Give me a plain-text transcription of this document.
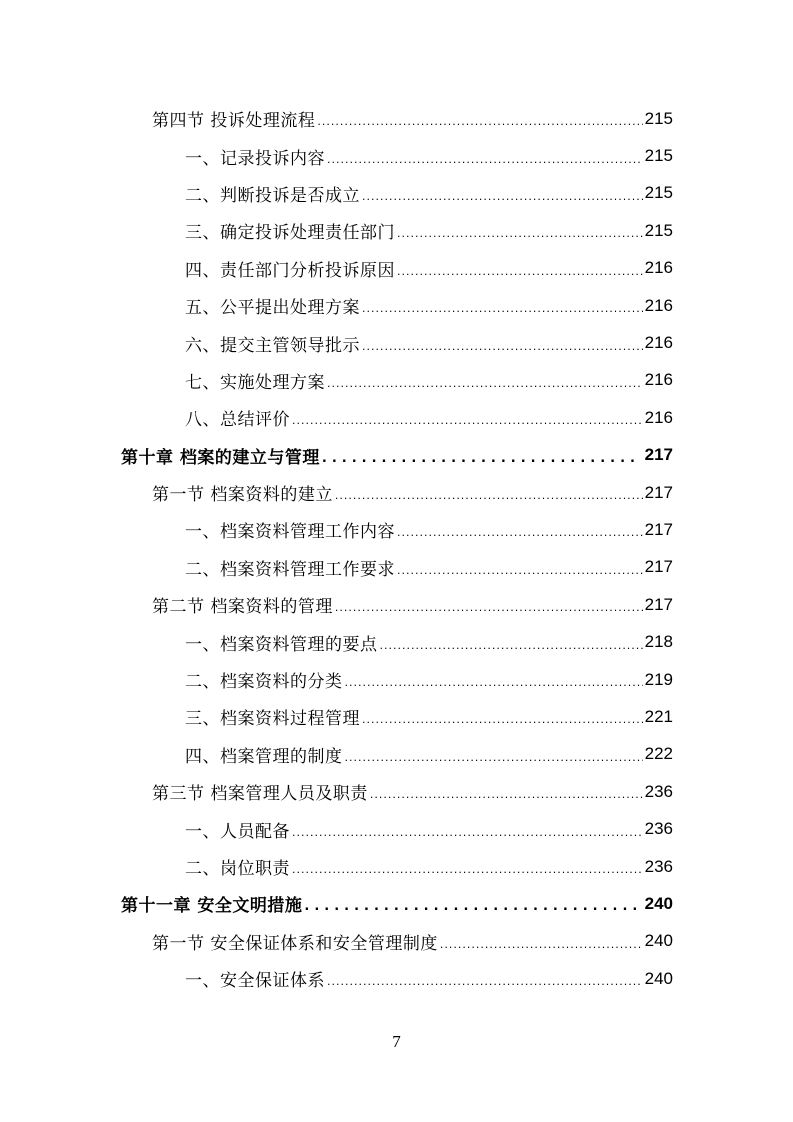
第四节 投诉处理流程 .....	215
一、记录投诉内容 .....	215
二、判断投诉是否成立 .....	215
三、确定投诉处理责任部门 .....	215
四、责任部门分析投诉原因 .....	216
五、公平提出处理方案 .....	216
六、提交主管领导批示 .....	216
七、实施处理方案 .....	216
八、总结评价 .....	216
第十章 档案的建立与管理 .....	217
第一节 档案资料的建立 .....	217
一、档案资料管理工作内容 .....	217
二、档案资料管理工作要求 .....	217
第二节 档案资料的管理 .....	217
一、档案资料管理的要点 .....	218
二、档案资料的分类 .....	219
三、档案资料过程管理 .....	221
四、档案管理的制度 .....	222
第三节 档案管理人员及职责 .....	236
一、人员配备 .....	236
二、岗位职责 .....	236
第十一章 安全文明措施 .....	240
第一节 安全保证体系和安全管理制度 .....	240
一、安全保证体系 .....	240
7
